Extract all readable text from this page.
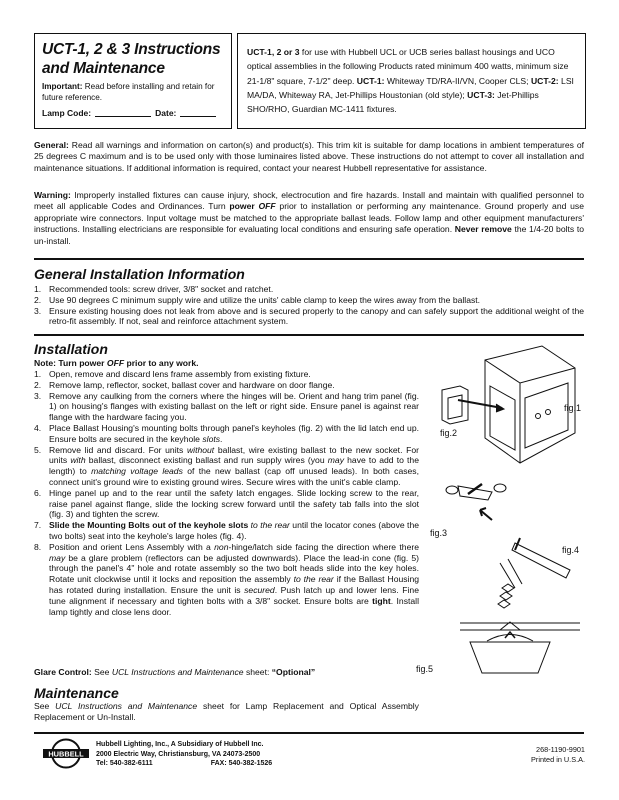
UCT-1, 2 & 3 Instructions
and Maintenance
Important: Read before installing and retain for future reference.
Lamp Code:	Date:
UCT-1, 2 or 3 for use with Hubbell UCL or UCB series ballast housings and UCO optical assemblies in the following Products rated minimum 400 watts, minimum size 21-1/8" square, 7-1/2" deep. UCT-1: Whiteway TD/RA-II/VN, Cooper CLS; UCT-2: LSI MA/DA, Whiteway RA, Jet-Phillips Houstonian (old style); UCT-3: Jet-Phillips SHO/RHO, Guardian MC-1411 fixtures.
General: Read all warnings and information on carton(s) and product(s). This trim kit is suitable for damp locations in ambient temperatures of 25 degrees C maximum and is to be used only with those luminaires listed above. These instructions do not attempt to cover all installation and maintenance situations. If additional information is required, contact your nearest Hubbell representative for assistance.
Warning: Improperly installed fixtures can cause injury, shock, electrocution and fire hazards. Install and maintain with qualified personnel to meet all applicable Codes and Ordinances. Turn power OFF prior to installation or performing any maintenance. Ground properly and use appropriate wire connectors. Input voltage must be matched to the appropriate ballast leads. Follow lamp and other equipment manufacturers' instructions. Installing electricians are responsible for evaluating local conditions and ensuring safe operation. Never remove the 1/4-20 bolts to un-install.
General Installation Information
1. Recommended tools: screw driver, 3/8" socket and ratchet.
2. Use 90 degrees C minimum supply wire and utilize the units' cable clamp to keep the wires away from the ballast.
3. Ensure existing housing does not leak from above and is secured properly to the canopy and can safely support the additional weight of the retro-fit assembly. If not, seal and reinforce attachment system.
Installation
Note: Turn power OFF prior to any work.
1. Open, remove and discard lens frame assembly from existing fixture.
2. Remove lamp, reflector, socket, ballast cover and hardware on door flange.
3. Remove any caulking from the corners where the hinges will be. Orient and hang trim panel (fig. 1) on housing's flanges with existing ballast on the left or right side. Ensure panel is against rear flange with the hardware facing you.
4. Place Ballast Housing's mounting bolts through panel's keyholes (fig. 2) with the lid latch end up. Ensure bolts are secured in the keyhole slots.
5. Remove lid and discard. For units without ballast, wire existing ballast to the new socket. For units with ballast, disconnect existing ballast and run supply wires (you may have to add to the length) to matching voltage leads of the new ballast (cap off unused leads). In both cases, connect unit's ground wire to existing ground wires. Secure wires with the unit's cable clamp.
6. Hinge panel up and to the rear until the safety latch engages. Slide locking screw to the rear, raise panel against flange, slide the locking screw forward until the safety tab falls into the slot (fig. 3) and tighten the screw.
7. Slide the Mounting Bolts out of the keyhole slots to the rear until the locator cones (above the two bolts) seat into the keyhole's large holes (fig. 4).
8. Position and orient Lens Assembly with a non-hinge/latch side facing the direction where there may be a glare problem (reflectors can be adjusted downwards). Place the lead-in cone (fig. 5) through the panel's 4" hole and rotate assembly so the two bolt heads slide into the key holes. Rotate unit clockwise until it locks and reposition the assembly to the rear if the Ballast Housing has rotated during installation. Ensure the unit is secured. Push latch up and lower lens. Fine tune alignment if necessary and tighten bolts with a 3/8" socket. Ensure bolts are tight. Install lamp tightly and close lens door.
Glare Control: See UCL Instructions and Maintenance sheet: “Optional”
Maintenance
See UCL Instructions and Maintenance sheet for Lamp Replacement and Optical Assembly Replacement or Un-Install.
fig.1
fig.2
fig.3
fig.4
fig.5
HUBBELL
Hubbell Lighting, Inc., A Subsidiary of Hubbell Inc.
2000 Electric Way, Christiansburg, VA 24073-2500
Tel: 540-382-6111	FAX: 540-382-1526
268-1190-9901
Printed in U.S.A.
